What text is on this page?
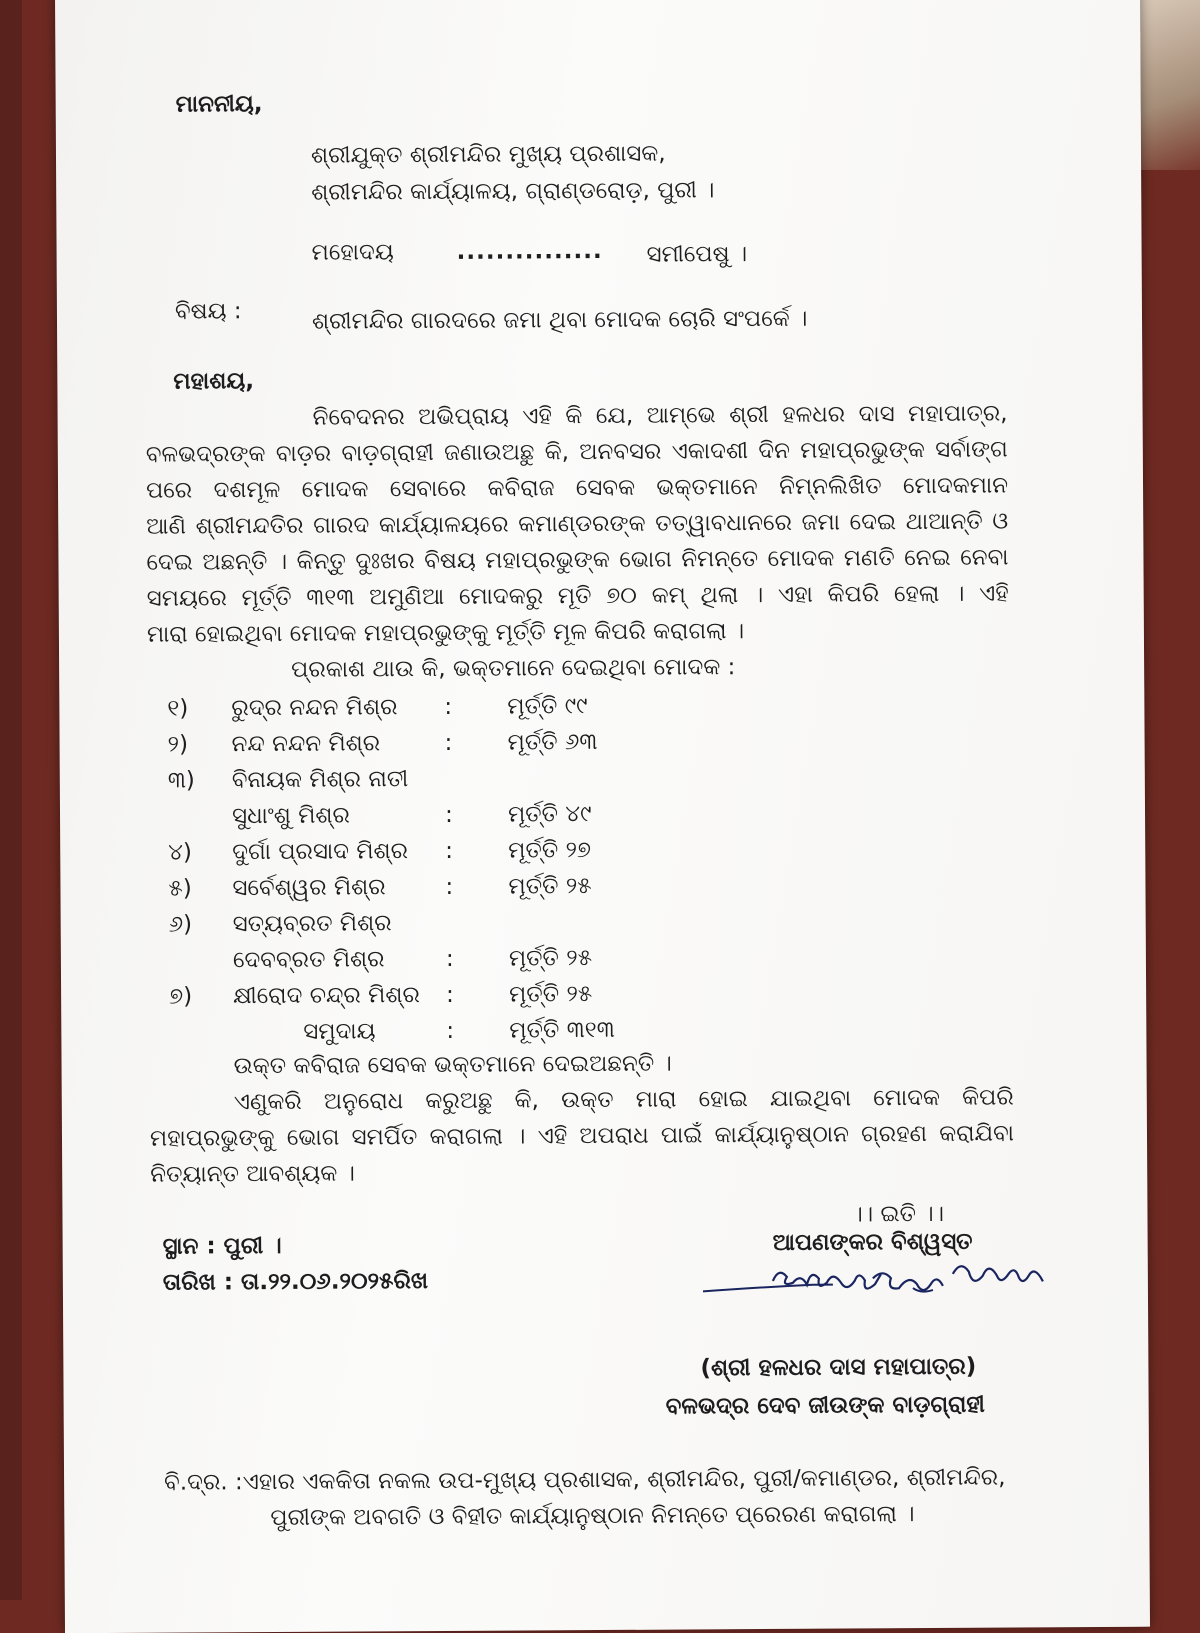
ମାନନୀୟ,
ଶ୍ରୀଯୁକ୍ତ ଶ୍ରୀମନ୍ଦିର ମୁଖ୍ୟ ପ୍ରଶାସକ,
ଶ୍ରୀମନ୍ଦିର କାର୍ଯ୍ୟାଳୟ, ଗ୍ରାଣ୍ଡରୋଡ଼, ପୁରୀ ।
ମହୋଦୟ	............... ସମୀପେଷୁ ।
ବିଷୟ :	ଶ୍ରୀମନ୍ଦିର ଗାରଦରେ ଜମା ଥିବା ମୋଦକ ଚୋରି ସଂପର୍କେ ।
ମହାଶୟ,
ନିବେଦନର ଅଭିପ୍ରାୟ ଏହି କି ଯେ, ଆମ୍ଭେ ଶ୍ରୀ ହଳଧର ଦାସ ମହାପାତ୍ର,
ବଳଭଦ୍ରଙ୍କ ବାଡ଼ର ବାଡ଼ଗ୍ରାହୀ ଜଣାଉଅଛୁ କି, ଅନବସର ଏକାଦଶୀ ଦିନ ମହାପ୍ରଭୁଙ୍କ ସର୍ବାଙ୍ଗ
ପରେ ଦଶମୂଳ ମୋଦକ ସେବାରେ କବିରାଜ ସେବକ ଭକ୍ତମାନେ ନିମ୍ନଲିଖିତ ମୋଦକମାନ
ଆଣି ଶ୍ରୀମନ୍ଦତିର ଗାରଦ କାର୍ଯ୍ୟାଳୟରେ କମାଣ୍ଡରଙ୍କ ତତ୍ୱାବଧାନରେ ଜମା ଦେଇ ଥାଆନ୍ତି ଓ
ଦେଇ ଅଛନ୍ତି । କିନ୍ତୁ ଦୁଃଖର ବିଷୟ ମହାପ୍ରଭୁଙ୍କ ଭୋଗ ନିମନ୍ତେ ମୋଦକ ମଣତି ନେଇ ନେବା
ସମୟରେ ମୂର୍ତ୍ତି ୩୧୩ ଅମୁଣିଆ ମୋଦକରୁ ମୂତି ୭୦ କମ୍ ଥିଲା । ଏହା କିପରି ହେଲା । ଏହି
ମାରା ହୋଇଥିବା ମୋଦକ ମହାପ୍ରଭୁଙ୍କୁ ମୂର୍ତ୍ତି ମୂଳ କିପରି କରାଗଲା ।
ପ୍ରକାଶ ଥାଉ କି, ଭକ୍ତମାନେ ଦେଇଥିବା ମୋଦକ :
୧) ରୁଦ୍ର ନନ୍ଦନ ମିଶ୍ର : ମୂର୍ତ୍ତି ୯୯
୨) ନନ୍ଦ ନନ୍ଦନ ମିଶ୍ର	: ମୂର୍ତ୍ତି ୬୩
୩) ବିନାୟକ ମିଶ୍ର ନାତୀ
ସୁଧାଂଶୁ ମିଶ୍ର	: ମୂର୍ତ୍ତି ୪୯
୪) ଦୁର୍ଗା ପ୍ରସାଦ ମିଶ୍ର : ମୂର୍ତ୍ତି ୨୭
୫) ସର୍ବେଶ୍ୱର ମିଶ୍ର	: ମୂର୍ତ୍ତି ୨୫
୬) ସତ୍ୟବ୍ରତ ମିଶ୍ର
ଦେବବ୍ରତ ମିଶ୍ର	: ମୂର୍ତ୍ତି ୨୫
୭) କ୍ଷୀରୋଦ ଚନ୍ଦ୍ର ମିଶ୍ର : ମୂର୍ତ୍ତି ୨୫
ସମୁଦାୟ	: ମୂର୍ତ୍ତି ୩୧୩
ଉକ୍ତ କବିରାଜ ସେବକ ଭକ୍ତମାନେ ଦେଇଅଛନ୍ତି ।
ଏଣୁକରି ଅନୁରୋଧ କରୁଅଛୁ କି, ଉକ୍ତ ମାରା ହୋଇ ଯାଇଥିବା ମୋଦକ କିପରି
ମହାପ୍ରଭୁଙ୍କୁ ଭୋଗ ସମର୍ପିତ କରାଗଲା । ଏହି ଅପରାଧ ପାଇଁ କାର୍ଯ୍ୟାନୁଷ୍ଠାନ ଗ୍ରହଣ କରାଯିବା
ନିତ୍ୟାନ୍ତ ଆବଶ୍ୟକ ।
।। ଇତି ।।
ସ୍ଥାନ : ପୁରୀ ।	ଆପଣଙ୍କର ବିଶ୍ୱସ୍ତ
ତାରିଖ : ତା.୨୨.୦୬.୨୦୨୫ରିଖ
(ଶ୍ରୀ ହଳଧର ଦାସ ମହାପାତ୍ର)
ବଳଭଦ୍ର ଦେବ ଜୀଉଙ୍କ ବାଡ଼ଗ୍ରାହୀ
ବି.ଦ୍ର. :ଏହାର ଏକକିତା ନକଲ ଉପ-ମୁଖ୍ୟ ପ୍ରଶାସକ, ଶ୍ରୀମନ୍ଦିର, ପୁରୀ/କମାଣ୍ଡର, ଶ୍ରୀମନ୍ଦିର,
ପୁରୀଙ୍କ ଅବଗତି ଓ ବିହୀତ କାର୍ଯ୍ୟାନୁଷ୍ଠାନ ନିମନ୍ତେ ପ୍ରେରଣ କରାଗଲା ।
